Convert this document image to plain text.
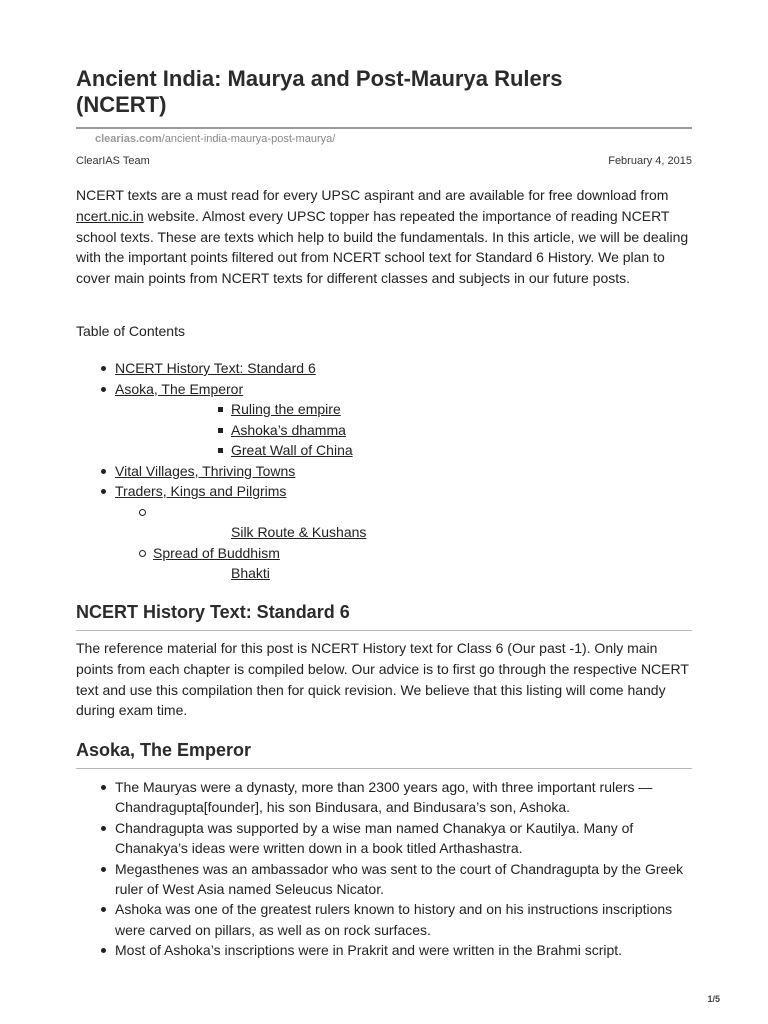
Ancient India: Maurya and Post-Maurya Rulers
(NCERT)
clearias.com/ancient-india-maurya-post-maurya/
ClearIAS Team	February 4, 2015

NCERT texts are a must read for every UPSC aspirant and are available for free download from ncert.nic.in website. Almost every UPSC topper has repeated the importance of reading NCERT school texts. These are texts which help to build the fundamentals. In this article, we will be dealing with the important points filtered out from NCERT school text for Standard 6 History. We plan to cover main points from NCERT texts for different classes and subjects in our future posts.

Table of Contents
NCERT History Text: Standard 6
Asoka, The Emperor
Ruling the empire
Ashoka’s dhamma
Great Wall of China
Vital Villages, Thriving Towns
Traders, Kings and Pilgrims
Silk Route & Kushans
Spread of Buddhism
Bhakti
NCERT History Text: Standard 6

The reference material for this post is NCERT History text for Class 6 (Our past -1). Only main points from each chapter is compiled below. Our advice is to first go through the respective NCERT text and use this compilation then for quick revision. We believe that this listing will come handy during exam time.

Asoka, The Emperor
The Mauryas were a dynasty, more than 2300 years ago, with three important rulers — Chandragupta[founder], his son Bindusara, and Bindusara’s son, Ashoka.
Chandragupta was supported by a wise man named Chanakya or Kautilya. Many of Chanakya’s ideas were written down in a book titled Arthashastra.
Megasthenes was an ambassador who was sent to the court of Chandragupta by the Greek ruler of West Asia named Seleucus Nicator.
Ashoka was one of the greatest rulers known to history and on his instructions inscriptions were carved on pillars, as well as on rock surfaces.
Most of Ashoka’s inscriptions were in Prakrit and were written in the Brahmi script.
1/5
